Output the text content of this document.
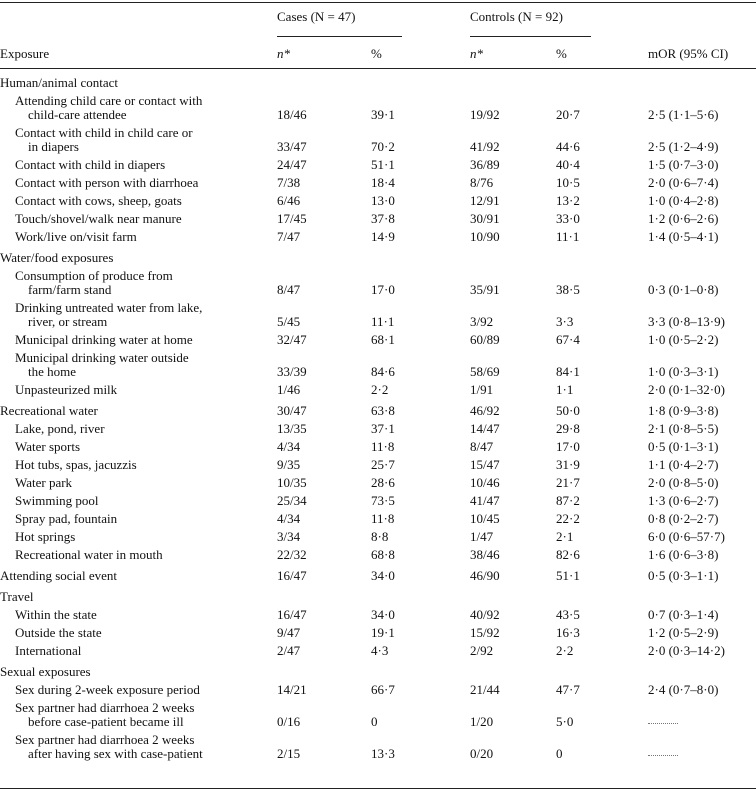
Cases (N = 47)	Controls (N = 92)
Exposure	n*	%	n*	%	mOR (95% CI)
Human/animal contact
Attending child care or contact with
child-care attendee	18/46	39·1	19/92	20·7	2·5 (1·1–5·6)
Contact with child in child care or
in diapers	33/47	70·2	41/92	44·6	2·5 (1·2–4·9)
Contact with child in diapers	24/47	51·1	36/89	40·4	1·5 (0·7–3·0)
Contact with person with diarrhoea	7/38	18·4	8/76	10·5	2·0 (0·6–7·4)
Contact with cows, sheep, goats	6/46	13·0	12/91	13·2	1·0 (0·4–2·8)
Touch/shovel/walk near manure	17/45	37·8	30/91	33·0	1·2 (0·6–2·6)
Work/live on/visit farm	7/47	14·9	10/90	11·1	1·4 (0·5–4·1)
Water/food exposures
Consumption of produce from
farm/farm stand	8/47	17·0	35/91	38·5	0·3 (0·1–0·8)
Drinking untreated water from lake,
river, or stream	5/45	11·1	3/92	3·3	3·3 (0·8–13·9)
Municipal drinking water at home	32/47	68·1	60/89	67·4	1·0 (0·5–2·2)
Municipal drinking water outside
the home	33/39	84·6	58/69	84·1	1·0 (0·3–3·1)
Unpasteurized milk	1/46	2·2	1/91	1·1	2·0 (0·1–32·0)
Recreational water	30/47	63·8	46/92	50·0	1·8 (0·9–3·8)
Lake, pond, river	13/35	37·1	14/47	29·8	2·1 (0·8–5·5)
Water sports	4/34	11·8	8/47	17·0	0·5 (0·1–3·1)
Hot tubs, spas, jacuzzis	9/35	25·7	15/47	31·9	1·1 (0·4–2·7)
Water park	10/35	28·6	10/46	21·7	2·0 (0·8–5·0)
Swimming pool	25/34	73·5	41/47	87·2	1·3 (0·6–2·7)
Spray pad, fountain	4/34	11·8	10/45	22·2	0·8 (0·2–2·7)
Hot springs	3/34	8·8	1/47	2·1	6·0 (0·6–57·7)
Recreational water in mouth	22/32	68·8	38/46	82·6	1·6 (0·6–3·8)
Attending social event	16/47	34·0	46/90	51·1	0·5 (0·3–1·1)
Travel
Within the state	16/47	34·0	40/92	43·5	0·7 (0·3–1·4)
Outside the state	9/47	19·1	15/92	16·3	1·2 (0·5–2·9)
International	2/47	4·3	2/92	2·2	2·0 (0·3–14·2)
Sexual exposures
Sex during 2-week exposure period	14/21	66·7	21/44	47·7	2·4 (0·7–8·0)
Sex partner had diarrhoea 2 weeks
before case-patient became ill	0/16	0	1/20	5·0
Sex partner had diarrhoea 2 weeks
after having sex with case-patient	2/15	13·3	0/20	0
